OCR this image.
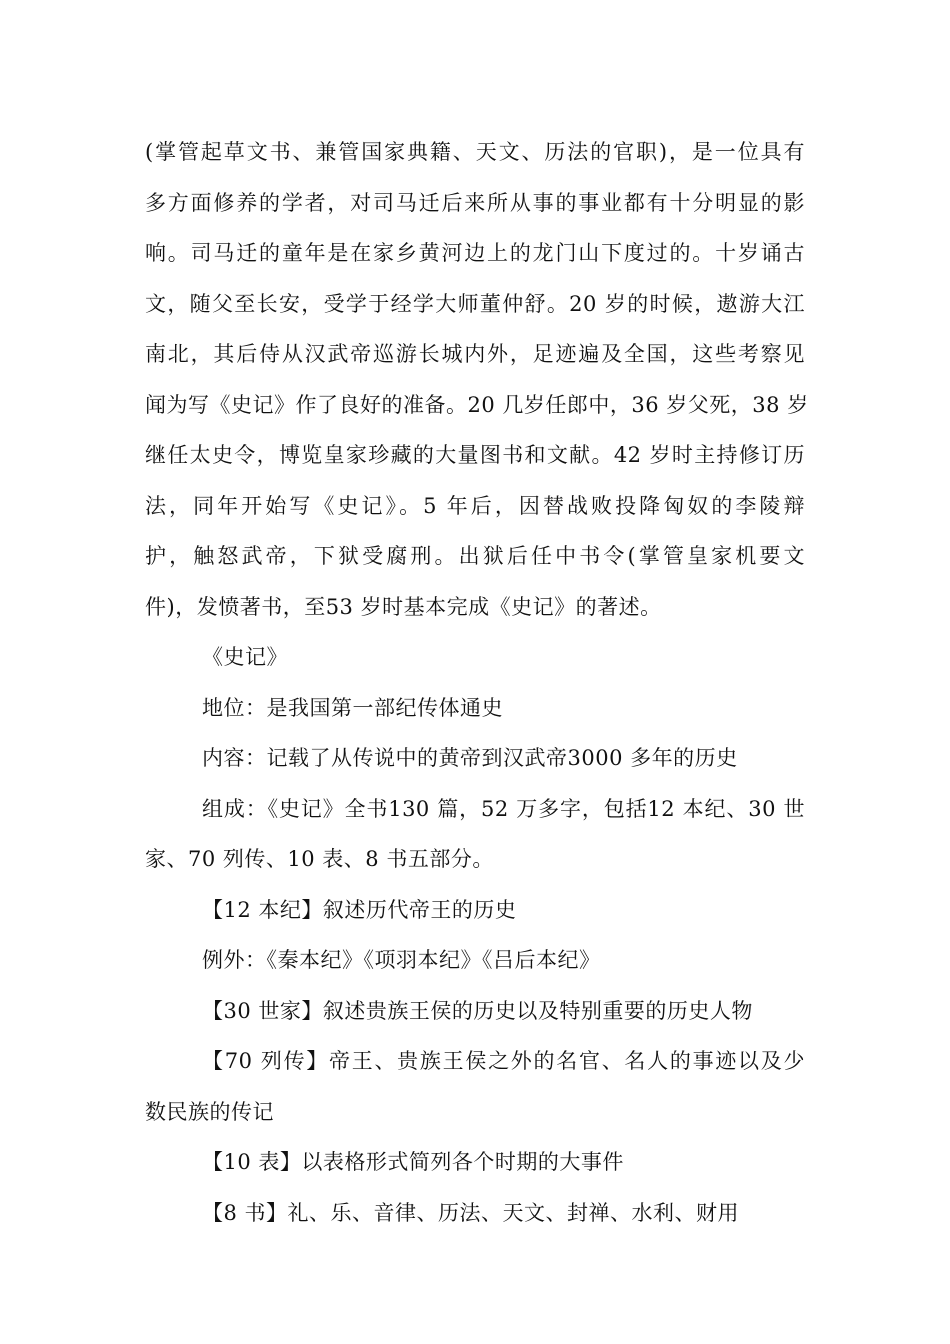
(掌管起草文书、兼管国家典籍、天文、历法的官职)，是一位具有
多方面修养的学者，对司马迁后来所从事的事业都有十分明显的影
响。司马迁的童年是在家乡黄河边上的龙门山下度过的。十岁诵古
文，随父至长安，受学于经学大师董仲舒。20 岁的时候，遨游大江
南北，其后侍从汉武帝巡游长城内外，足迹遍及全国，这些考察见
闻为写《史记》作了良好的准备。20 几岁任郎中，36 岁父死，38 岁
继任太史令，博览皇家珍藏的大量图书和文献。42 岁时主持修订历
法，同年开始写《史记》。5 年后，因替战败投降匈奴的李陵辩
护，触怒武帝，下狱受腐刑。出狱后任中书令(掌管皇家机要文
件)，发愤著书，至53 岁时基本完成《史记》的著述。
《史记》
地位：是我国第一部纪传体通史
内容：记载了从传说中的黄帝到汉武帝3000 多年的历史
组成：《史记》全书130 篇，52 万多字，包括12 本纪、30 世
家、70 列传、10 表、8 书五部分。
【12 本纪】叙述历代帝王的历史
例外：《秦本纪》《项羽本纪》《吕后本纪》
【30 世家】叙述贵族王侯的历史以及特别重要的历史人物
【70 列传】帝王、贵族王侯之外的名官、名人的事迹以及少
数民族的传记
【10 表】以表格形式简列各个时期的大事件
【8 书】礼、乐、音律、历法、天文、封禅、水利、财用
